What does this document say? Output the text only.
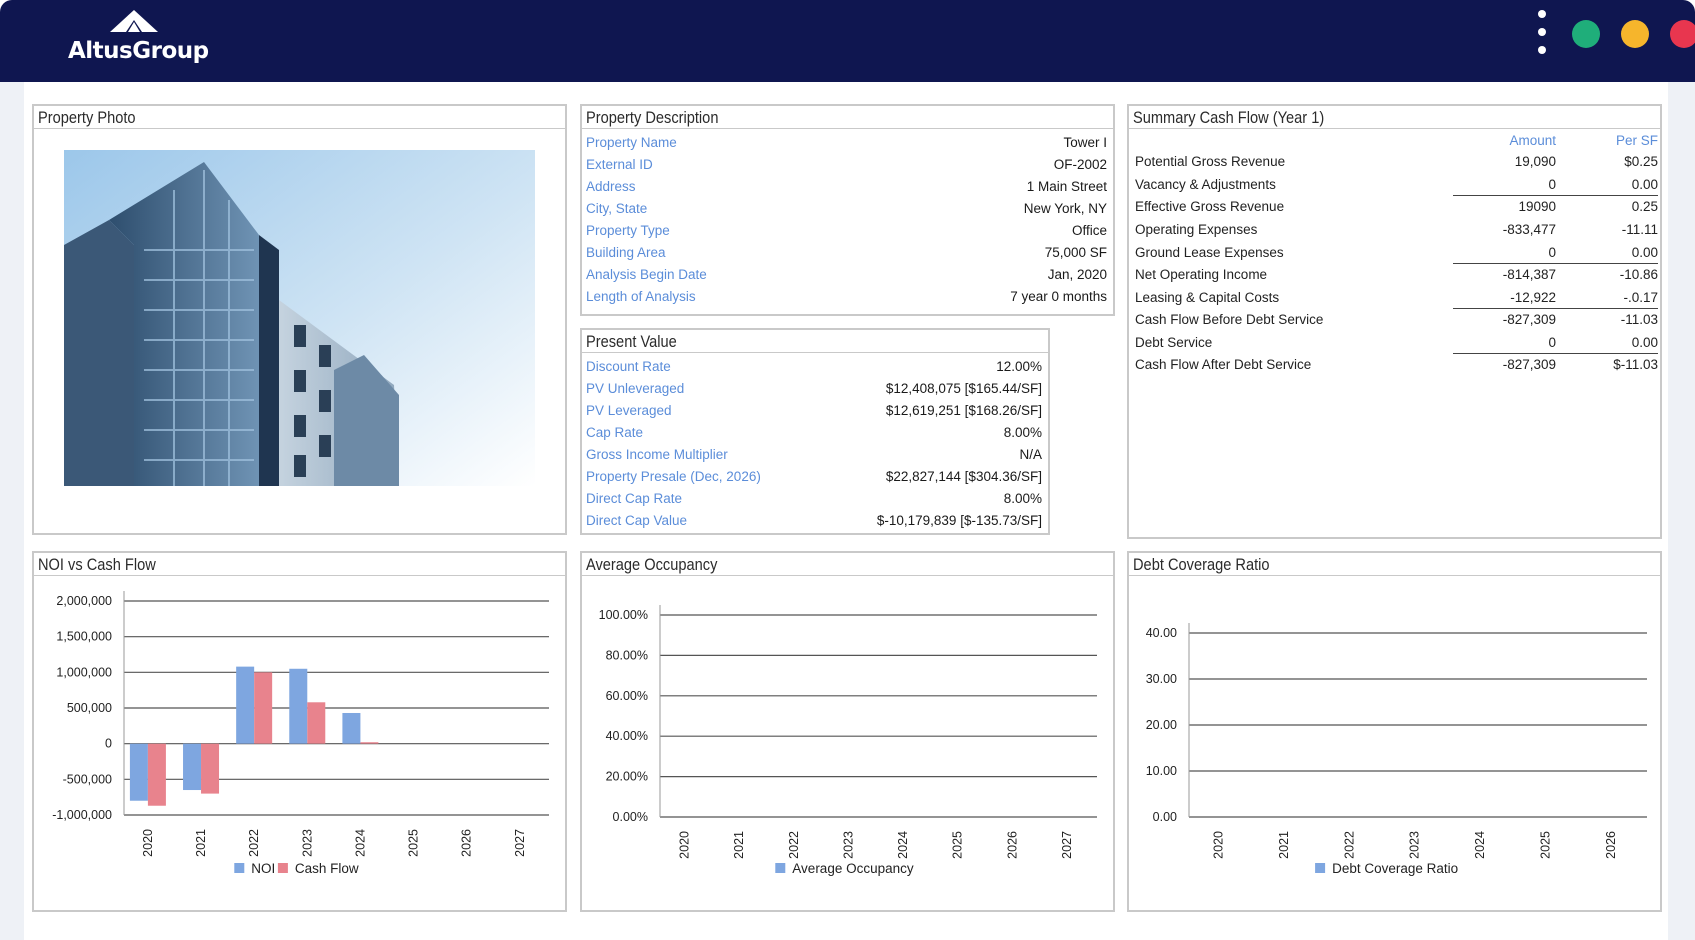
AltusGroup
Property Photo	Property Description
Property Name	Tower I
External ID	OF-2002
Address	1 Main Street
City, State	New York, NY
Property Type	Office
Building Area	75,000 SF
Analysis Begin Date	Jan, 2020
Length of Analysis	7 year 0 months
Present Value
Discount Rate	12.00%
PV Unleveraged	$12,408,075 [$165.44/SF]
PV Leveraged	$12,619,251 [$168.26/SF]
Cap Rate	8.00%
Gross Income Multiplier	N/A
Property Presale (Dec, 2026)	$22,827,144 [$304.36/SF]
Direct Cap Rate	8.00%
Direct Cap Value	$-10,179,839 [$-135.73/SF]
Summary Cash Flow (Year 1)
Amount	Per SF
Potential Gross Revenue	19,090	$0.25
Vacancy & Adjustments	0	0.00
Effective Gross Revenue	19090	0.25
Operating Expenses	-833,477	-11.11
Ground Lease Expenses	0	0.00
Net Operating Income	-814,387	-10.86
Leasing & Capital Costs	-12,922	-.0.17
Cash Flow Before Debt Service	-827,309	-11.03
Debt Service	0	0.00
Cash Flow After Debt Service	-827,309	$-11.03
NOI vs Cash Flow
2,000,000
1,500,000
1,000,000
500,000
0
-500,000
-1,000,000
2020	2021	2022	2023	2024	2025	2026	2027
NOI Cash Flow
Average Occupancy
100.00%
80.00%
60.00%
40.00%
20.00%
0.00%
2020	2021	2022	2023	2024	2025	2026	2027
Average Occupancy
Debt Coverage Ratio
40.00
30.00
20.00
10.00
0.00
2020	2021	2022	2023	2024	2025	2026
Debt Coverage Ratio
